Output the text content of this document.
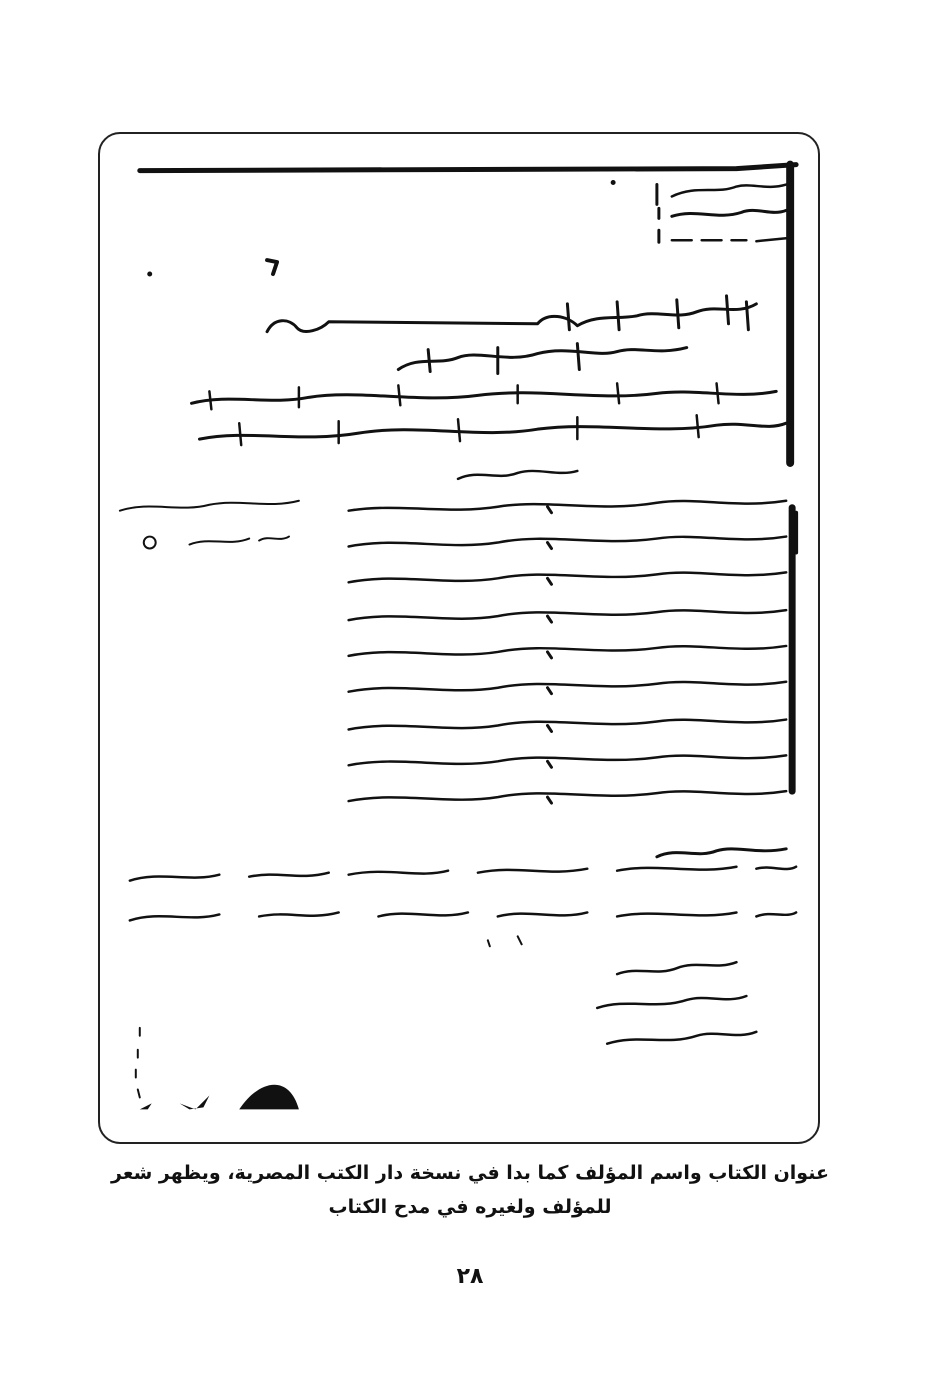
عنوان الكتاب واسم المؤلف كما بدا في نسخة دار الكتب المصرية، ويظهر شعر
للمؤلف ولغيره في مدح الكتاب
٢٨
